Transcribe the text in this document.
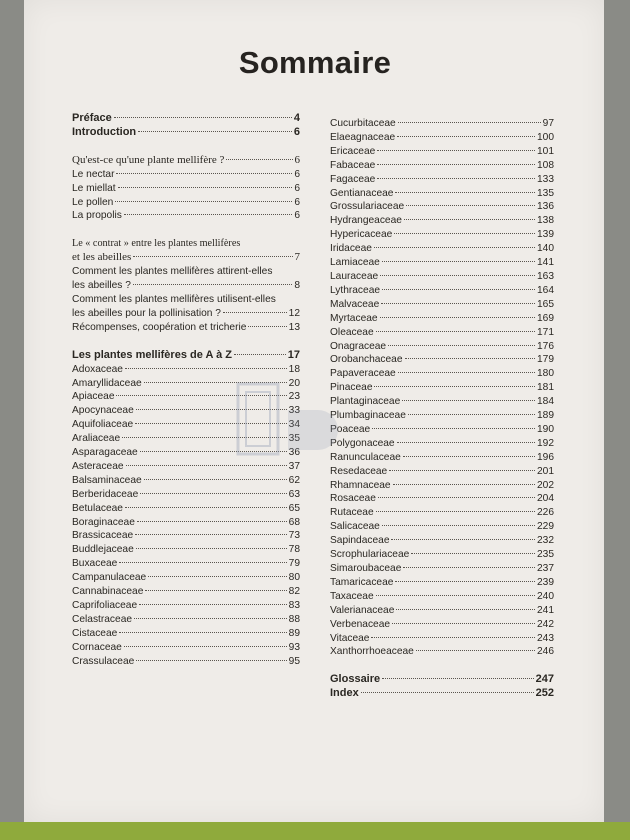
Sommaire
Préface	4
Introduction	6
Qu'est-ce qu'une plante mellifère ?	6
Le nectar	6
Le miellat	6
Le pollen	6
La propolis	6
Le « contrat » entre les plantes mellifères
et les abeilles	7
Comment les plantes mellifères attirent-elles
les abeilles ?	8
Comment les plantes mellifères utilisent-elles
les abeilles pour la pollinisation ?	12
Récompenses, coopération et tricherie	13
Les plantes mellifères de A à Z	17
Adoxaceae	18
Amaryllidaceae	20
Apiaceae	23
Apocynaceae	33
Aquifoliaceae	34
Araliaceae	35
Asparagaceae	36
Asteraceae	37
Balsaminaceae	62
Berberidaceae	63
Betulaceae	65
Boraginaceae	68
Brassicaceae	73
Buddlejaceae	78
Buxaceae	79
Campanulaceae	80
Cannabinaceae	82
Caprifoliaceae	83
Celastraceae	88
Cistaceae	89
Cornaceae	93
Crassulaceae	95
Cucurbitaceae	97
Elaeagnaceae	100
Ericaceae	101
Fabaceae	108
Fagaceae	133
Gentianaceae	135
Grossulariaceae	136
Hydrangeaceae	138
Hypericaceae	139
Iridaceae	140
Lamiaceae	141
Lauraceae	163
Lythraceae	164
Malvaceae	165
Myrtaceae	169
Oleaceae	171
Onagraceae	176
Orobanchaceae	179
Papaveraceae	180
Pinaceae	181
Plantaginaceae	184
Plumbaginaceae	189
Poaceae	190
Polygonaceae	192
Ranunculaceae	196
Resedaceae	201
Rhamnaceae	202
Rosaceae	204
Rutaceae	226
Salicaceae	229
Sapindaceae	232
Scrophulariaceae	235
Simaroubaceae	237
Tamaricaceae	239
Taxaceae	240
Valerianaceae	241
Verbenaceae	242
Vitaceae	243
Xanthorrhoeaceae	246
Glossaire	247
Index	252
